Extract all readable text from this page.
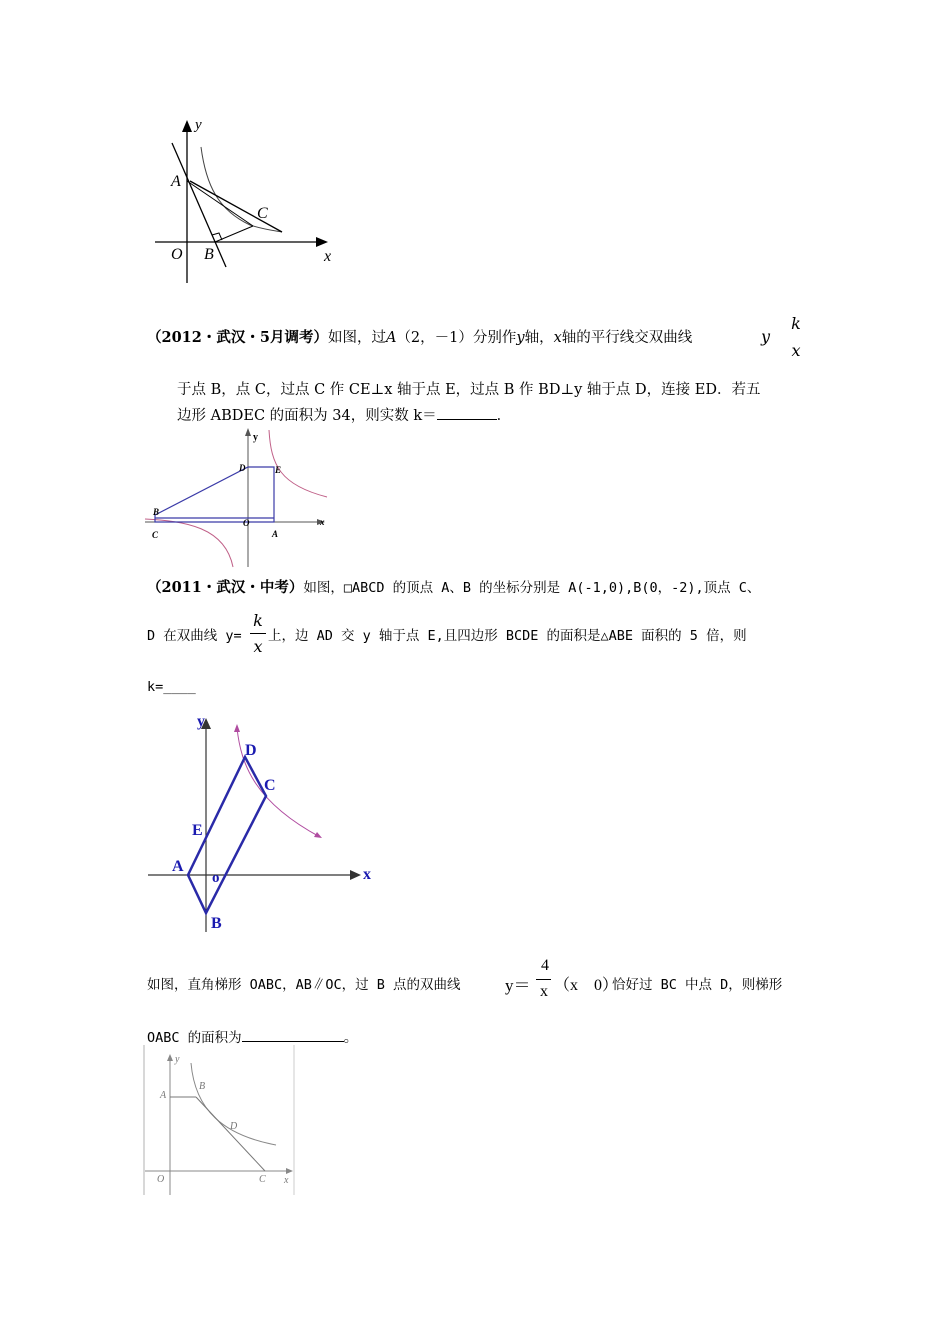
y
A
C
O B	x
（2012・武汉・5月调考）如图，过A（2，－1）分别作y轴，x轴的平行线交双曲线	y
k
x
于点 B，点 C，过点 C 作 CE⊥x 轴于点 E，过点 B 作 BD⊥y 轴于点 D，连接 ED．若五
边形 ABDEC 的面积为 34，则实数 k＝	．
y
D	E
B
O	x
C	A
（2011・武汉・中考）如图，□ABCD 的顶点 A、B 的坐标分别是 A(-1,0),B(0，-2),顶点 C、
D 在双曲线 y=
k
x
上，边 AD 交 y 轴于点 E,且四边形 BCDE 的面积是△ABE 面积的 5 倍，则
k=____
y
D
C
E
A
o	x
B
如图，直角梯形 OABC，AB∥OC，过 B 点的双曲线	y＝
4
x （x    0）
恰好过 BC 中点 D，则梯形
OABC 的面积为	。
y
B
A
D
O	C x
